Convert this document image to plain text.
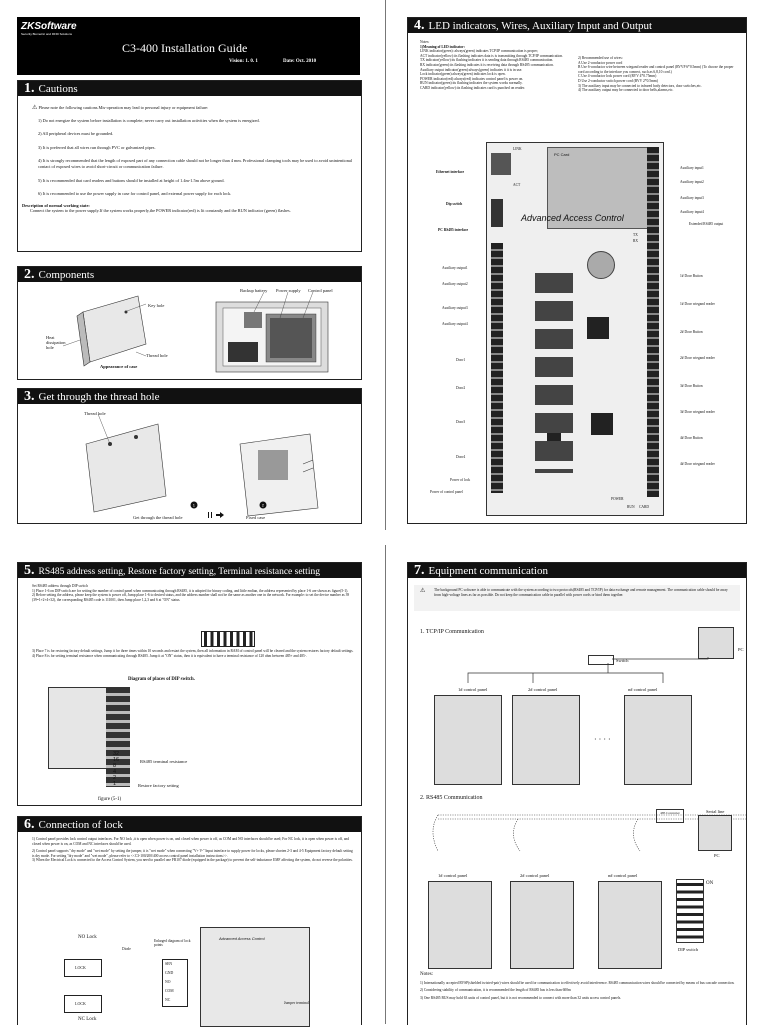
ZKSoftware
Security Biometric and RFID Solutions
C3-400 Installation Guide
Vision: 1. 0. 1	Date: Oct. 2010
1. Cautions
⚠ Please note the following cautions.Mis-operation may lead to personal injury or equipment failure:
1) Do not energize the system before installation is complete; never carry out installation activities when the system is energized.
2) All peripheral devices must be grounded.
3) It is preferred that all wires run through PVC or galvanized pipes.
4) It is strongly recommended that the length of exposed part of any connection cable should not be longer than 4 mm. Professional clamping tools may be used to avoid unintentional contact of exposed wires to avoid short-circuit or communication failure.
5) It is recommended that card readers and buttons should be installed at height of 1.4m-1.5m above ground.
6) It is recommended to use the power supply in case for control panel, and external power supply for each lock.
Description of normal working state:
Connect the system to the power supply.If the system works properly,the POWER indicator(red) is lit constantly and the RUN indicator (green) flashes.
2. Components
Key hole
Heat dissipation hole
Thread hole
Appearance of case
Backup battery Power supply Control panel
3. Get through the thread hole
1	2
Thread hole
Get through the thread hole	Fixed case
4. LED indicators, Wires, Auxiliary Input and Output
Notes:
1)Meaning of LED indicator:
LINK indicator(green): always(green) indicates TCP/IP communication is proper;
ACT indicator(yellow):its flashing indicates data is is transmitting through TCP/IP communication.
TX indicator(yellow):its flashing indicates it is sending data through RS485 communication.
RX indicator(green):its flashing indicates it is receiving data through RS485 communication.
Auxiliary output indicator(green):always(green) indicates it it is in use.
Lock indicator(green):always(green) indicates lock is open.
POWER indicator(red):always(red) indicates control panel is power on.
RUN indicator(green):its flashing indicates the system works normally.
CARD indicator(yellow):its flashing indicates card is punched on reader.
2) Recommended use of wires:
A Use 2-conductor power cord
B Use 6-conductor wire between wiegand reader and control panel (RVVP 6*0.5mm) (To choose the proper cord according to the interface you connect, such as 6,8,10 cord.)
C Use 4-conductor lock power cord (RVV 4*0.75mm)
D Use 2-conductor switch power cord (RVV 2*0.5mm)
3) The auxiliary input may be connected to infrared body detectors, door switches,etc.
4) The auxiliary output may be connected to door bells,alarms,etc.
PC Card
Advanced Access Control
LINK
ACT
TX
RX
POWER
RUN CARD
Ethernet interface
Dip switch
PC RS485 interface
Auxiliary output1
Auxiliary output2
Auxiliary output3
Auxiliary output4
Door1
Door2
Door3
Door4
Power of lock
Power of control panel
Auxiliary input1
Auxiliary input2
Auxiliary input3
Auxiliary input4
Extended RS485 output
1# Door Button
1# Door wiegand reader
2# Door Button
2# Door wiegand reader
3# Door Button
3# Door wiegand reader
4# Door Button
4# Door wiegand reader
5. RS485 address setting, Restore factory setting, Terminal resistance setting
Set RS485 address through DIP switch
1) Place 1-6 on DIP switch are for setting the number of control panel when communicating through RS485, it is adopted for binary coding, and little endian, the address represented by place 1-6 are shown as figure(5-1).
2) Before setting the address, please keep the system is power off, Jump place 1-6 to desired status, and the address number shall not be the same as another one in the network. For example: to set the device number as 39 (39=1+2+4+32), the corresponding RS485 code is 111001, then Jump place 1,2,3 and 6 at "ON" status.
3) Place 7 is for restoring factory default settings, Jump it for three times within 10 seconds and restart the system, then all information in RAM of control panel will be cleared and the system restores factory default settings.
4) Place 8 is for setting terminal resistance when communicating through RS485. Jump it at "ON" status, then it is equivalent to have a terminal resistance of 120 ohm between 485+ and 485-.
Diagram of places of DIP switch.
32
16
8
4
2
1
RS485 terminal resistance
Restore factory setting
figure (5-1)
6. Connection of lock
1) Control panel provides lock control output interfaces. For NO lock ,it is open when power is on, and closed when power is off, as COM and NO interfaces should be used; For NC lock, it is open when power is off, and closed when power is on, as COM and NC interfaces should be used.
2) Control panel supports "dry mode" and "wet mode" by setting the jumper, it is "wet mode" when connecting "V+ V-" Input interface to supply power for locks, please shorten 2-3 and 4-5 Equipment factory default setting is dry mode. For setting "dry mode" and "wet mode", please refer to <<C3-100/200/400 access control panel installation instructions>>.
3) When the Electrical Lock is connected to the Access Control System, you need to parallel one FR107 diode (equipped in the package) to prevent the self-inductance EMF affecting the system, do not reverse the polarities.
NO Lock
LOCK
LOCK
NC Lock
Diode
Enlarged diagram of lock points
SEN
GND
NO
COM
NC
Advanced Access Control
Jumper terminal
7. Equipment communication
⚠ The background PC software is able to communicate with the system according to two protocols(RS485 and TCP/IP) for data exchange and remote management. The communication cable should be away from high-voltage lines as far as possible. Do not keep the communication cable in parallel with power cords or bind them together.
1. TCP/IP Communication
Switch
PC
1# control panel	2# control panel	n# control panel
· · · ·
2. RS485 Communication
Serial line
485 Converter
PC
1# control panel	2# control panel	n# control panel
ON
DIP switch
Notes:
1) Internationally accepted RVSP(shielded twisted-pair) wires should be used for communication to effectively avoid interference. RS485 communication wires should be connected by means of bus cascade connection.
2) Considering stability of communication, it is recommended the length of RS485 bus is less than 600m
3) One RS485 BUS may hold 63 units of control panel, but it is not recommended to connect with more than 32 units access control panels.
